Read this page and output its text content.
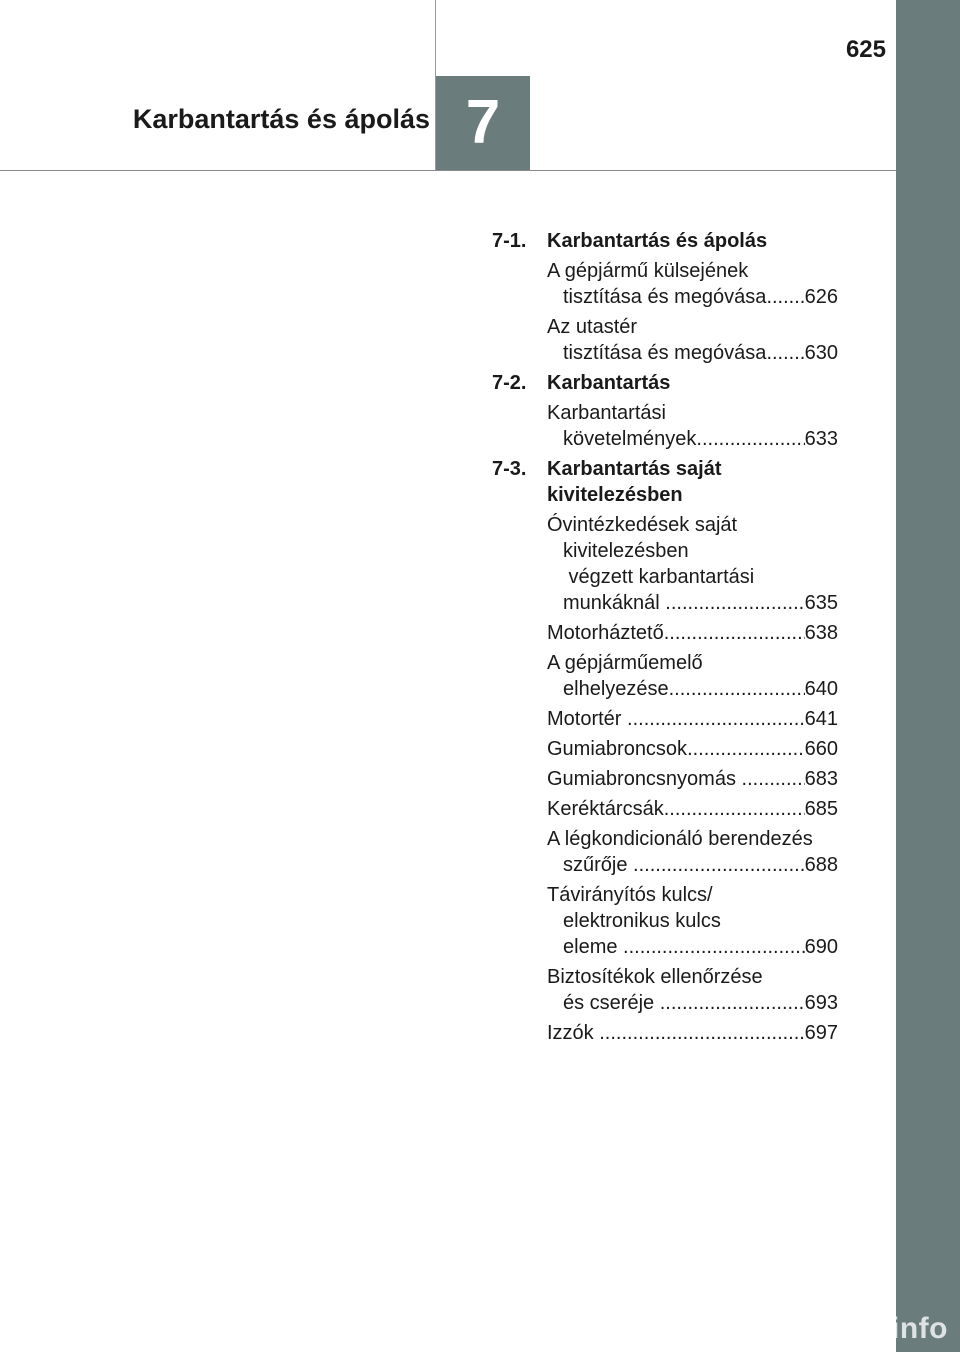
Karbantartás és ápolás 7
625
7-1. Karbantartás és ápolás
A gépjármű külsejének
tisztítása és megóvása ..... 626
Az utastér
tisztítása és megóvása ..... 630
7-2. Karbantartás
Karbantartási
követelmények .....	633
7-3. Karbantartás saját
kivitelezésben
Óvintézkedések saját
kivitelezésben
végzett karbantartási
munkáknál .....	635
Motorháztető .....	638
A gépjárműemelő
elhelyezése .....	640
Motortér .....	641
Gumiabroncsok .....	660
Gumiabroncsnyomás .....	683
Keréktárcsák .....	685
A légkondicionáló berendezés
szűrője .....	688
Távirányítós kulcs/
elektronikus kulcs
eleme .....	690
Biztosítékok ellenőrzése
és cseréje .....	693
Izzók .....	697
carmanualsonline.info
